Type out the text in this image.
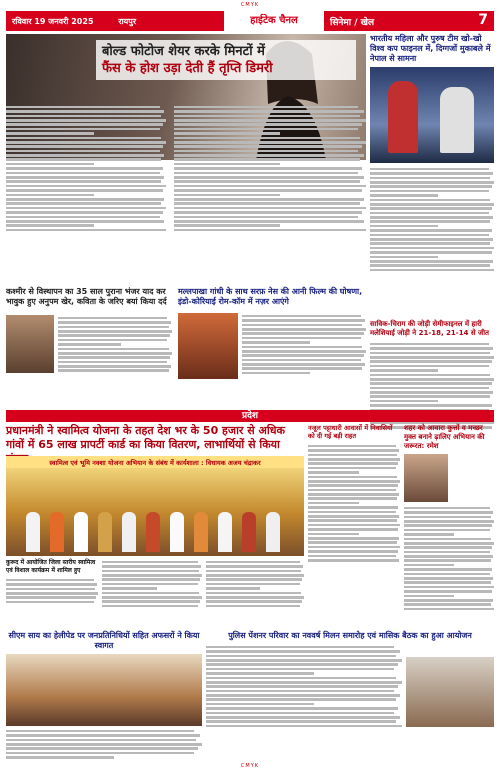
CMYK
रविवार 19 जनवरी 2025	रायपुर	हाईटेक चैनल	सिनेमा / खेल	7
बोल्ड फोटोज शेयर करके मिनटों में
फैंस के होश उड़ा देती हैं तृप्ति डिमरी
भारतीय महिला और पुरुष टीम खो-खो विश्व कप फाइनल में, दिग्गजों मुकाबले में नेपाल से सामना
साविक-चिराग की जोड़ी सेमीफाइनल में हारी मलेशियाई जोड़ी ने 21-18, 21-14 से जीत
कश्मीर से विस्थापन का 35 साल पुराना भंजर याद कर भावुक हुए अनुपम खेर, कविता के जरिए बयां किया दर्द
मल्लपाखा गांधी के साथ सरफ़ नेस की आनी फिल्म की घोषणा, इंडो-कोरियाई रोम-कॉम में नज़र आएंगे
प्रदेश
प्रधानमंत्री ने स्वामित्व योजना के तहत देश भर के 50 हजार से अधिक गांवों में 65 लाख प्रापर्टी कार्ड का किया वितरण, लाभार्थियों से किया
स्वामित्व एवं भूमि नक्शा योजना अभियान के संबंध में कार्यशाला : विधायक अजय चंद्राकर
कुरूद में आयोजित जिला स्तरीय स्वामित्व एवं विशाल कार्यक्रम में शामिल हुए
नजूल पट्टाधारी आवासों में निवासियों को दी गई बड़ी राहत
शहर को आवारा कुत्तों व मच्छर मुक्त बनाने ढ़ालिए अभियान की जरूरत: रमेश
सीएम साय का हेलीपेड पर जनप्रतिनिधियों सहित अफसरों ने किया स्वागत
पुलिस पेंशनर परिवार का नववर्ष मिलन समारोह एवं मासिक बैठक का हुआ आयोजन
CMYK
